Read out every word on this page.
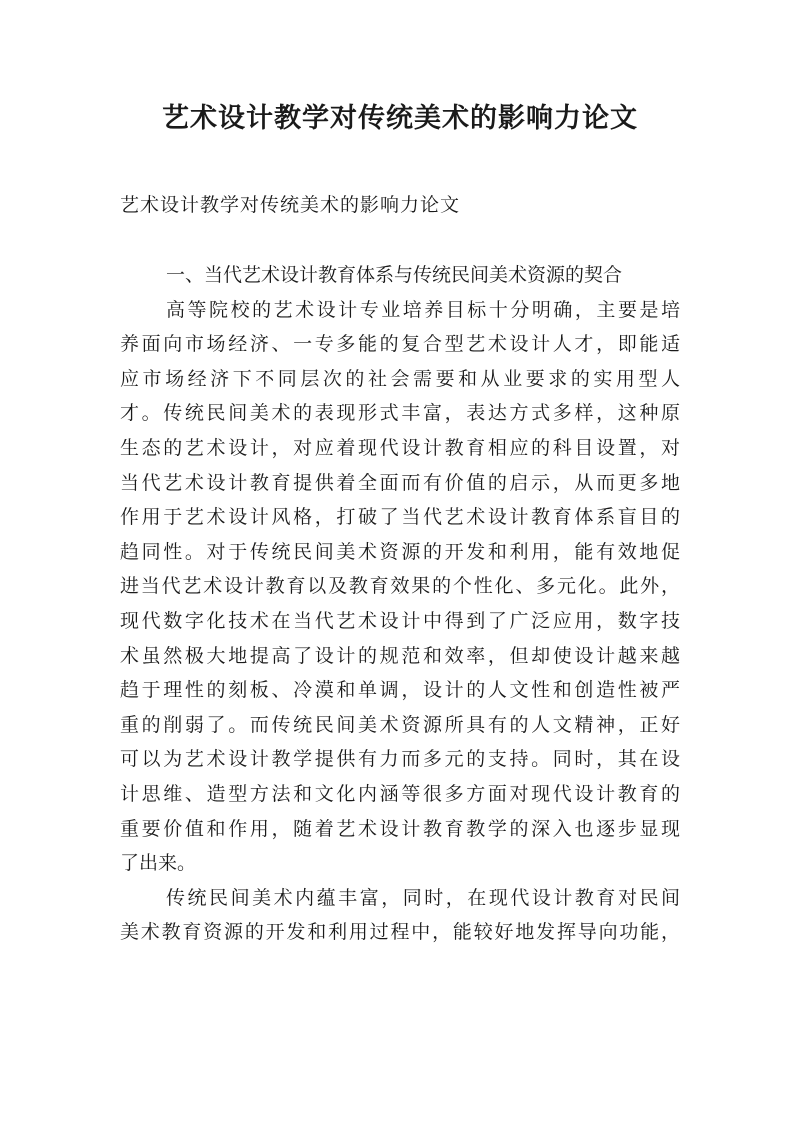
艺术设计教学对传统美术的影响力论文

艺术设计教学对传统美术的影响力论文

一、当代艺术设计教育体系与传统民间美术资源的契合

高等院校的艺术设计专业培养目标十分明确，主要是培

养面向市场经济、一专多能的复合型艺术设计人才，即能适

应市场经济下不同层次的社会需要和从业要求的实用型人

才。传统民间美术的表现形式丰富，表达方式多样，这种原

生态的艺术设计，对应着现代设计教育相应的科目设置，对

当代艺术设计教育提供着全面而有价值的启示，从而更多地

作用于艺术设计风格，打破了当代艺术设计教育体系盲目的

趋同性。对于传统民间美术资源的开发和利用，能有效地促

进当代艺术设计教育以及教育效果的个性化、多元化。此外，

现代数字化技术在当代艺术设计中得到了广泛应用，数字技

术虽然极大地提高了设计的规范和效率，但却使设计越来越

趋于理性的刻板、冷漠和单调，设计的人文性和创造性被严

重的削弱了。而传统民间美术资源所具有的人文精神，正好

可以为艺术设计教学提供有力而多元的支持。同时，其在设

计思维、造型方法和文化内涵等很多方面对现代设计教育的

重要价值和作用，随着艺术设计教育教学的深入也逐步显现

了出来。

传统民间美术内蕴丰富，同时，在现代设计教育对民间

美术教育资源的开发和利用过程中，能较好地发挥导向功能，
